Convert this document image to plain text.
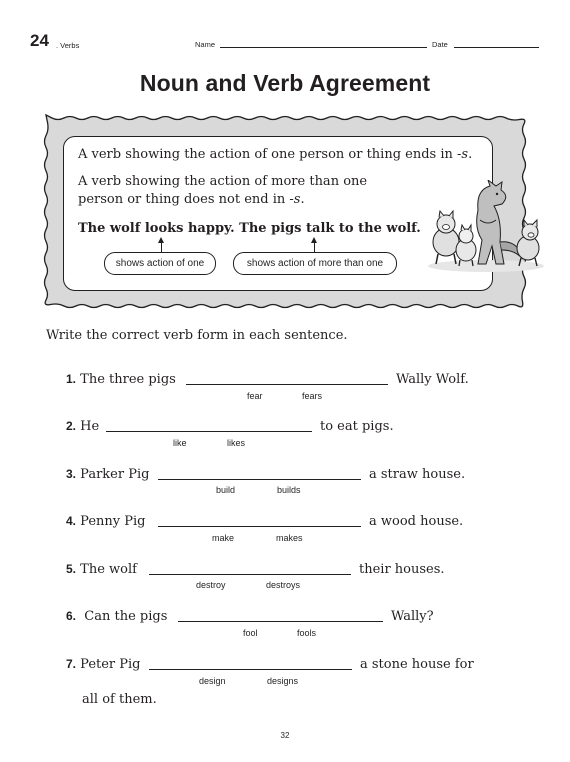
24 . Verbs	Name	Date
Noun and Verb Agreement
A verb showing the action of one person or thing ends in -s.
A verb showing the action of more than one
person or thing does not end in -s.
The wolf looks happy. The pigs talk to the wolf.
shows action of one	shows action of more than one
Write the correct verb form in each sentence.
1. The three pigs	Wally Wolf.
fear	fears
2. He	to eat pigs.
like	likes
3. Parker Pig	a straw house.
build	builds
4. Penny Pig	a wood house.
make	makes
5. The wolf	their houses.
destroy	destroys
6. Can the pigs	Wally?
fool	fools
7. Peter Pig	a stone house for
all of them.
design	designs
32
